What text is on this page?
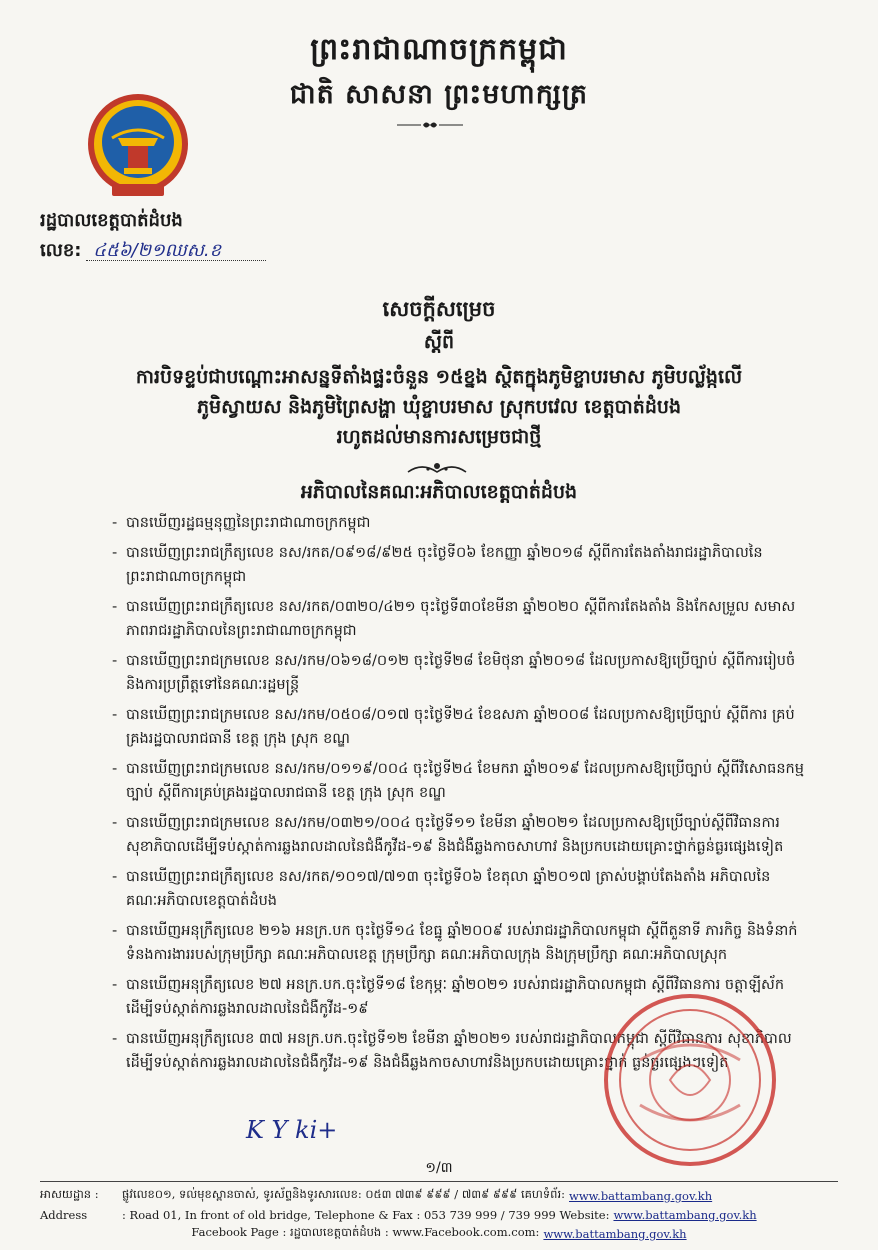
ព្រះរាជាណាចក្រកម្ពុជា
ជាតិ សាសនា ព្រះមហាក្សត្រ
រដ្ឋបាលខេត្តបាត់ដំបង
លេខ: ៤៥៦/២១ឈស.ខ
សេចក្តីសម្រេច
ស្តីពី
ការបិទខ្ទប់ជាបណ្តោះអាសន្នទីតាំងផ្ទះចំនួន ១៥ខ្នង ស្ថិតក្នុងភូមិខ្ចាបរមាស ភូមិបល្ល័ង្កលើ
ភូមិស្វាយស និងភូមិព្រៃសង្ហា ឃុំខ្ចាបរមាស ស្រុកបវេល ខេត្តបាត់ដំបង
រហូតដល់មានការសម្រេចជាថ្មី
អភិបាលនៃគណៈអភិបាលខេត្តបាត់ដំបង
- បានឃើញរដ្ឋធម្មនុញ្ញនៃព្រះរាជាណាចក្រកម្ពុជា
- បានឃើញព្រះរាជក្រឹត្យលេខ នស/រកត/០៩១៨/៩២៥ ចុះថ្ងៃទី០៦ ខែកញ្ញា ឆ្នាំ២០១៨ ស្តីពីការតែងតាំងរាជរដ្ឋាភិបាលនៃព្រះរាជាណាចក្រកម្ពុជា
- បានឃើញព្រះរាជក្រឹត្យលេខ នស/រកត/០៣២០/៤២១ ចុះថ្ងៃទី៣០ខែមីនា ឆ្នាំ២០២០ ស្តីពីការតែងតាំង និងកែសម្រួល សមាសភាពរាជរដ្ឋាភិបាលនៃព្រះរាជាណាចក្រកម្ពុជា
- បានឃើញព្រះរាជក្រមលេខ នស/រកម/០៦១៨/០១២ ចុះថ្ងៃទី២៨ ខែមិថុនា ឆ្នាំ២០១៨ ដែលប្រកាសឱ្យប្រើច្បាប់ ស្តីពីការរៀបចំ និងការប្រព្រឹត្តទៅនៃគណៈរដ្ឋមន្ត្រី
- បានឃើញព្រះរាជក្រមលេខ នស/រកម/០៥០៨/០១៧ ចុះថ្ងៃទី២៤ ខែឧសភា ឆ្នាំ២០០៨ ដែលប្រកាសឱ្យប្រើច្បាប់ ស្តីពីការ គ្រប់គ្រងរដ្ឋបាលរាជធានី ខេត្ត ក្រុង ស្រុក ខណ្ឌ
- បានឃើញព្រះរាជក្រមលេខ នស/រកម/០១១៩/០០៤ ចុះថ្ងៃទី២៤ ខែមករា ឆ្នាំ២០១៩ ដែលប្រកាសឱ្យប្រើច្បាប់ ស្តីពីវិសោធនកម្មច្បាប់ ស្តីពីការគ្រប់គ្រងរដ្ឋបាលរាជធានី ខេត្ត ក្រុង ស្រុក ខណ្ឌ
- បានឃើញព្រះរាជក្រមលេខ នស/រកម/០៣២១/០០៤ ចុះថ្ងៃទី១១ ខែមីនា ឆ្នាំ២០២១ ដែលប្រកាសឱ្យប្រើច្បាប់ស្តីពីវិធានការសុខាភិបាលដើម្បីទប់ស្កាត់ការឆ្លងរាលដាលនៃជំងឺកូវីដ-១៩ និងជំងឺឆ្លងកាចសាហាវ និងប្រកបដោយគ្រោះថ្នាក់ធ្ងន់ធ្ងរផ្សេងទៀត
- បានឃើញព្រះរាជក្រឹត្យលេខ នស/រកត/១០១៧/៧១៣ ចុះថ្ងៃទី០៦ ខែតុលា ឆ្នាំ២០១៧ ត្រាស់បង្គាប់តែងតាំង អភិបាលនៃ គណៈអភិបាលខេត្តបាត់ដំបង
- បានឃើញអនុក្រឹត្យលេខ ២១៦ អនក្រ.បក ចុះថ្ងៃទី១៤ ខែធ្នូ ឆ្នាំ២០០៩ របស់រាជរដ្ឋាភិបាលកម្ពុជា ស្តីពីតួនាទី ភារកិច្ច និងទំនាក់ទំនងការងាររបស់ក្រុមប្រឹក្សា គណៈអភិបាលខេត្ត ក្រុមប្រឹក្សា គណៈអភិបាលក្រុង និងក្រុមប្រឹក្សា គណៈអភិបាលស្រុក
- បានឃើញអនុក្រឹត្យលេខ ២៧ អនក្រ.បក.ចុះថ្ងៃទី១៨ ខែកុម្ភៈ ឆ្នាំ២០២១ របស់រាជរដ្ឋាភិបាលកម្ពុជា ស្តីពីវិធានការ ចត្តាឡីស័ក ដើម្បីទប់ស្កាត់ការឆ្លងរាលដាលនៃជំងឺកូវីដ-១៩
- បានឃើញអនុក្រឹត្យលេខ ៣៧ អនក្រ.បក.ចុះថ្ងៃទី១២ ខែមីនា ឆ្នាំ២០២១ របស់រាជរដ្ឋាភិបាលកម្ពុជា ស្តីពីវិធានការ សុខាភិបាល ដើម្បីទប់ស្កាត់ការឆ្លងរាលដាលនៃជំងឺកូវីដ-១៩ និងជំងឺឆ្លងកាចសាហាវនិងប្រកបដោយគ្រោះថ្នាក់ ធ្ងន់ធ្ងរផ្សេងៗទៀត
K Y ki+
១/៣
អាសយដ្ឋាន :	ផ្លូវលេខ០១, ទល់មុខស្ពានចាស់, ទូរស័ព្ទនិងទូរសារលេខ: ០៥៣ ៧៣៩ ៩៩៩ / ៧៣៩ ៩៩៩ គេហទំព័រ: www.battambang.gov.kh
Address	: Road 01, In front of old bridge, Telephone & Fax : 053 739 999 / 739 999 Website: www.battambang.gov.kh
Facebook Page : រដ្ឋបាលខេត្តបាត់ដំបង : www.Facebook.com.com: www.battambang.gov.kh
